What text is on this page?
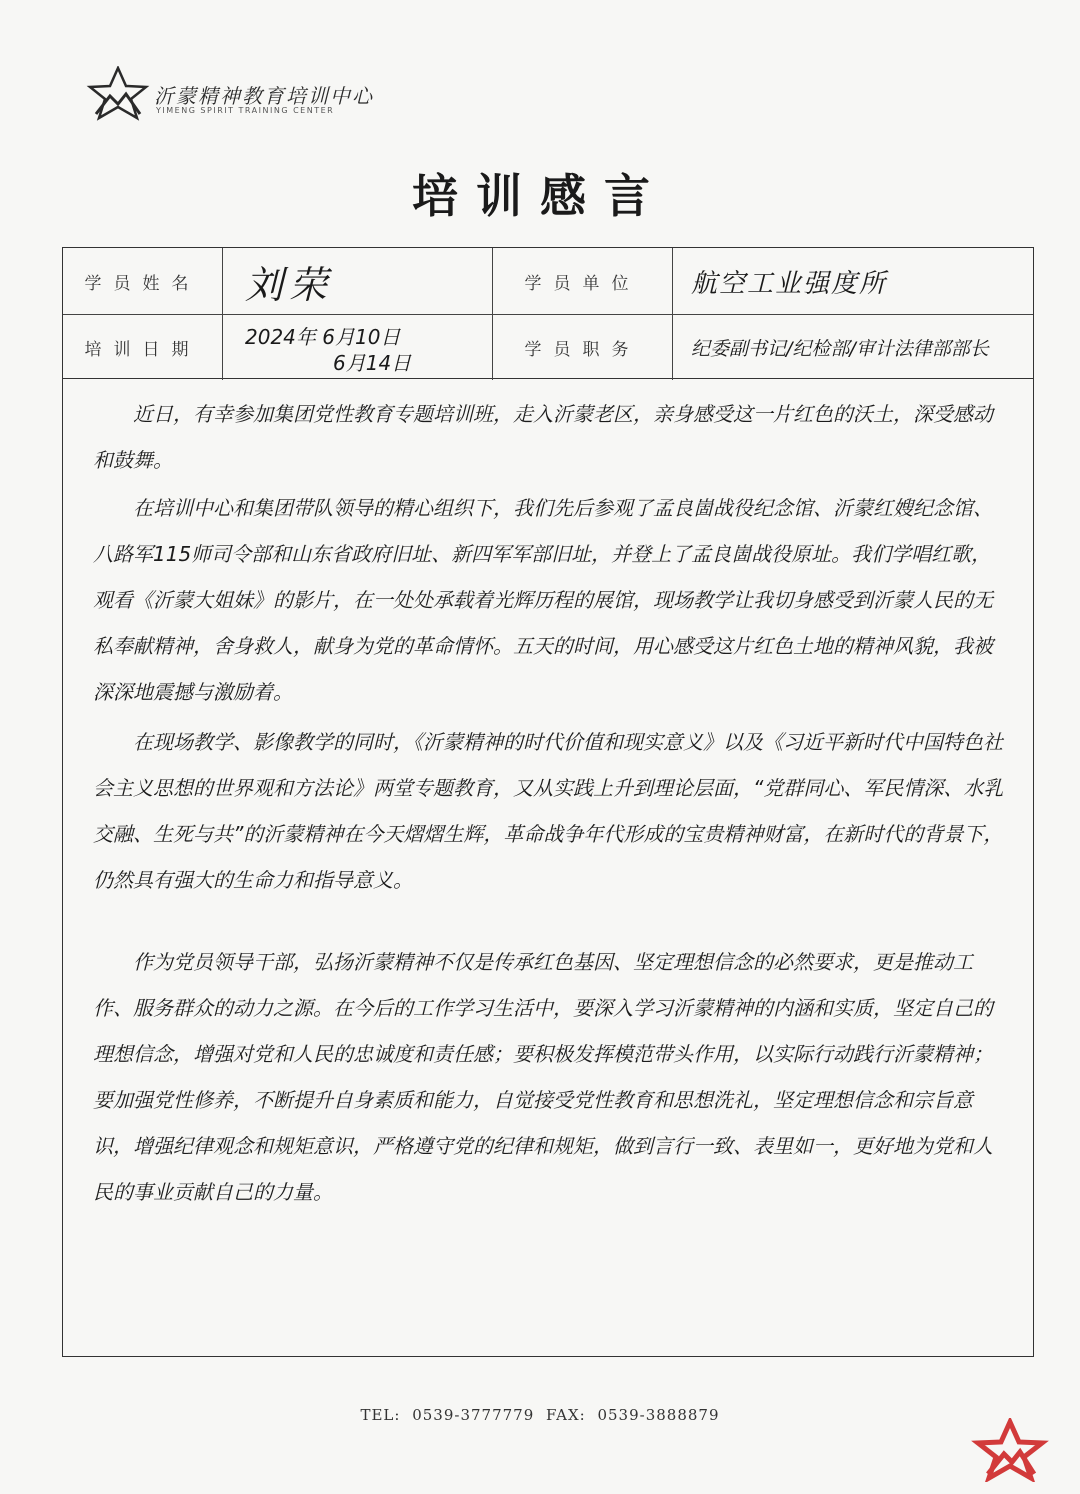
沂蒙精神教育培训中心
YIMENG SPIRIT TRAINING CENTER
培训感言
学员姓名 刘荣	学员单位 航空工业强度所
培训日期
2024年 6月10日
6月14日
学员职务	纪委副书记/纪检部/审计法律部部长

近日，有幸参加集团党性教育专题培训班，走入沂蒙老区，亲身感受这一片红色的沃土，深受感动和鼓舞。

在培训中心和集团带队领导的精心组织下，我们先后参观了孟良崮战役纪念馆、沂蒙红嫂纪念馆、八路军115师司令部和山东省政府旧址、新四军军部旧址，并登上了孟良崮战役原址。我们学唱红歌，观看《沂蒙大姐妹》的影片，在一处处承载着光辉历程的展馆，现场教学让我切身感受到沂蒙人民的无私奉献精神，舍身救人，献身为党的革命情怀。五天的时间，用心感受这片红色土地的精神风貌，我被深深地震撼与激励着。

在现场教学、影像教学的同时，《沂蒙精神的时代价值和现实意义》以及《习近平新时代中国特色社会主义思想的世界观和方法论》两堂专题教育，又从实践上升到理论层面，“党群同心、军民情深、水乳交融、生死与共”的沂蒙精神在今天熠熠生辉，革命战争年代形成的宝贵精神财富，在新时代的背景下，仍然具有强大的生命力和指导意义。

作为党员领导干部，弘扬沂蒙精神不仅是传承红色基因、坚定理想信念的必然要求，更是推动工作、服务群众的动力之源。在今后的工作学习生活中，要深入学习沂蒙精神的内涵和实质，坚定自己的理想信念，增强对党和人民的忠诚度和责任感；要积极发挥模范带头作用，以实际行动践行沂蒙精神；要加强党性修养，不断提升自身素质和能力，自觉接受党性教育和思想洗礼，坚定理想信念和宗旨意识，增强纪律观念和规矩意识，严格遵守党的纪律和规矩，做到言行一致、表里如一，更好地为党和人民的事业贡献自己的力量。

TEL: 0539-3777779 FAX: 0539-3888879
